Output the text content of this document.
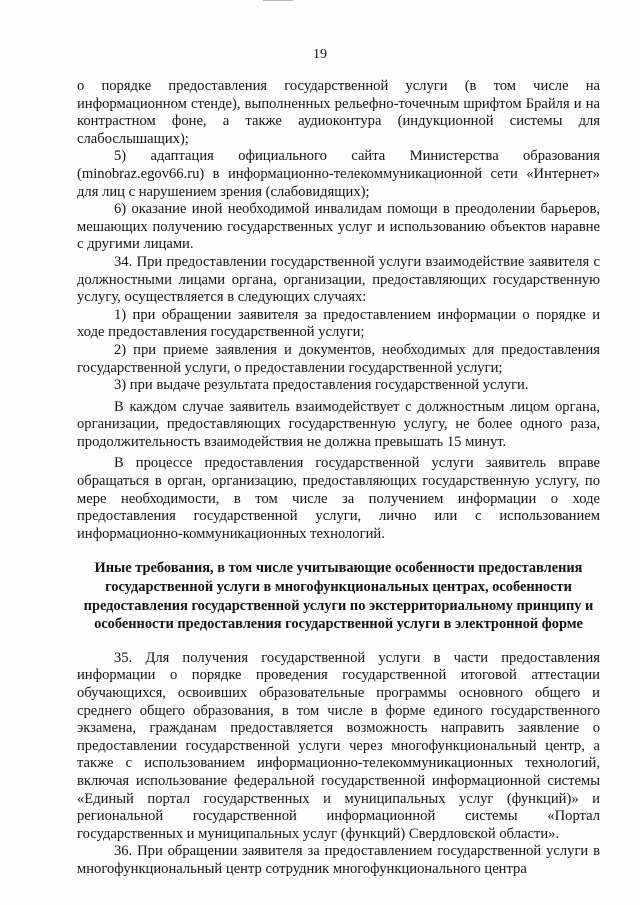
19

о порядке предоставления государственной услуги (в том числе на информационном стенде), выполненных рельефно-точечным шрифтом Брайля и на контрастном фоне, а также аудиоконтура (индукционной системы для слабослышащих);

5) адаптация официального сайта Министерства образования (minobraz.egov66.ru) в информационно-телекоммуникационной сети «Интернет» для лиц с нарушением зрения (слабовидящих);

6) оказание иной необходимой инвалидам помощи в преодолении барьеров, мешающих получению государственных услуг и использованию объектов наравне с другими лицами.

34. При предоставлении государственной услуги взаимодействие заявителя с должностными лицами органа, организации, предоставляющих государственную услугу, осуществляется в следующих случаях:

1) при обращении заявителя за предоставлением информации о порядке и ходе предоставления государственной услуги;

2) при приеме заявления и документов, необходимых для предоставления государственной услуги, о предоставлении государственной услуги;

3) при выдаче результата предоставления государственной услуги.

В каждом случае заявитель взаимодействует с должностным лицом органа, организации, предоставляющих государственную услугу, не более одного раза, продолжительность взаимодействия не должна превышать 15 минут.

В процессе предоставления государственной услуги заявитель вправе обращаться в орган, организацию, предоставляющих государственную услугу, по мере необходимости, в том числе за получением информации о ходе предоставления государственной услуги, лично или с использованием информационно-коммуникационных технологий.

Иные требования, в том числе учитывающие особенности предоставления государственной услуги в многофункциональных центрах, особенности предоставления государственной услуги по экстерриториальному принципу и особенности предоставления государственной услуги в электронной форме

35. Для получения государственной услуги в части предоставления информации о порядке проведения государственной итоговой аттестации обучающихся, освоивших образовательные программы основного общего и среднего общего образования, в том числе в форме единого государственного экзамена, гражданам предоставляется возможность направить заявление о предоставлении государственной услуги через многофункциональный центр, а также с использованием информационно-телекоммуникационных технологий, включая использование федеральной государственной информационной системы «Единый портал государственных и муниципальных услуг (функций)» и региональной государственной информационной системы «Портал государственных и муниципальных услуг (функций) Свердловской области».

36. При обращении заявителя за предоставлением государственной услуги в многофункциональный центр сотрудник многофункционального центра
